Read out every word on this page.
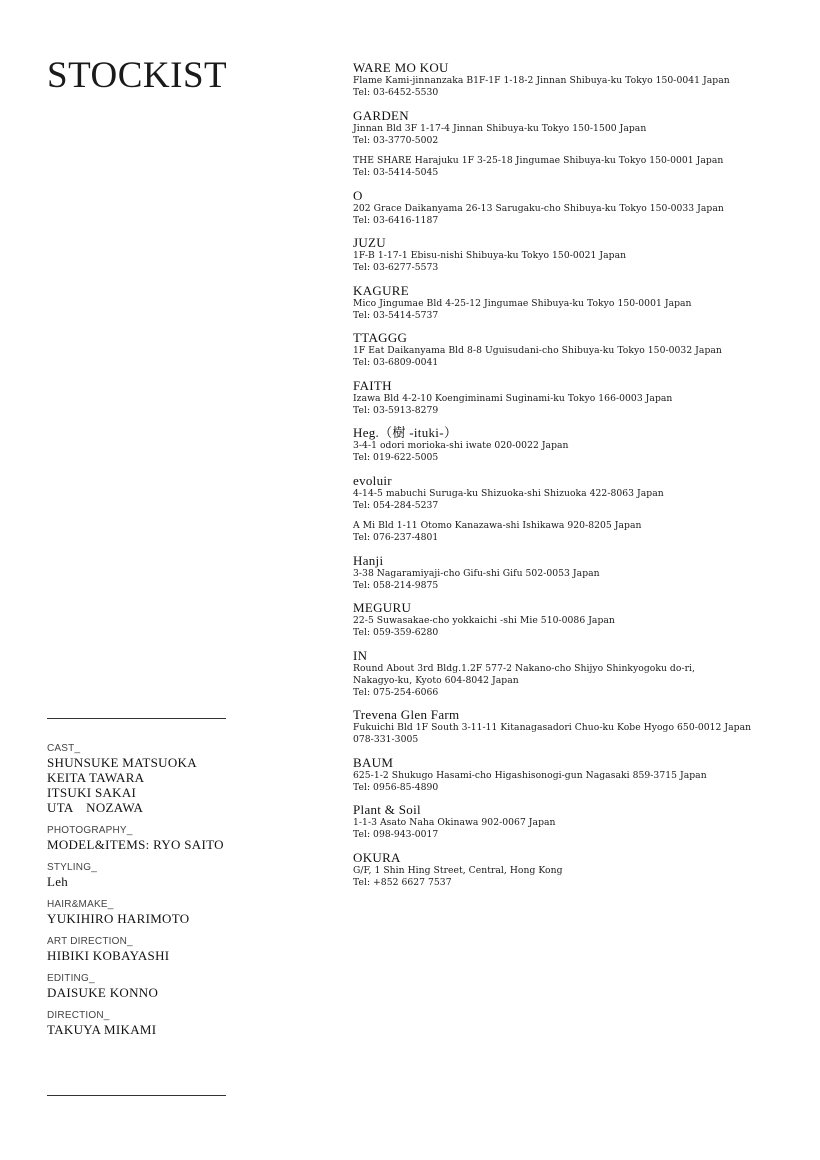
STOCKIST
CAST_
SHUNSUKE MATSUOKA
KEITA TAWARA
ITSUKI SAKAI
UTA　NOZAWA
PHOTOGRAPHY_
MODEL&ITEMS: RYO SAITO
STYLING_
Leh
HAIR&MAKE_
YUKIHIRO HARIMOTO
ART DIRECTION_
HIBIKI KOBAYASHI
EDITING_
DAISUKE KONNO
DIRECTION_
TAKUYA MIKAMI
WARE MO KOU
Flame Kami-jinnanzaka B1F-1F 1-18-2 Jinnan Shibuya-ku Tokyo 150-0041 Japan
Tel: 03-6452-5530
GARDEN
Jinnan Bld 3F 1-17-4 Jinnan Shibuya-ku Tokyo 150-1500 Japan
Tel: 03-3770-5002
THE SHARE Harajuku 1F 3-25-18 Jingumae Shibuya-ku Tokyo 150-0001 Japan
Tel: 03-5414-5045
O
202 Grace Daikanyama 26-13 Sarugaku-cho Shibuya-ku Tokyo 150-0033 Japan
Tel: 03-6416-1187
JUZU
1F-B 1-17-1 Ebisu-nishi Shibuya-ku Tokyo 150-0021 Japan
Tel: 03-6277-5573
KAGURE
Mico Jingumae Bld 4-25-12 Jingumae Shibuya-ku Tokyo 150-0001 Japan
Tel: 03-5414-5737
TTAGGG
1F Eat Daikanyama Bld 8-8 Uguisudani-cho Shibuya-ku Tokyo 150-0032 Japan
Tel: 03-6809-0041
FAITH
Izawa Bld 4-2-10 Koengiminami Suginami-ku Tokyo 166-0003 Japan
Tel: 03-5913-8279
Heg.（樹 -ituki-）
3-4-1 odori morioka-shi iwate 020-0022 Japan
Tel: 019-622-5005
evoluir
4-14-5 mabuchi Suruga-ku Shizuoka-shi Shizuoka 422-8063 Japan
Tel: 054-284-5237
A Mi Bld 1-11 Otomo Kanazawa-shi Ishikawa 920-8205 Japan
Tel: 076-237-4801
Hanji
3-38 Nagaramiyaji-cho Gifu-shi Gifu 502-0053 Japan
Tel: 058-214-9875
MEGURU
22-5 Suwasakae-cho yokkaichi -shi Mie 510-0086 Japan
Tel: 059-359-6280
IN
Round About 3rd Bldg.1.2F 577-2 Nakano-cho Shijyo Shinkyogoku do-ri,
Nakagyo-ku, Kyoto 604-8042 Japan
Tel: 075-254-6066
Trevena Glen Farm
Fukuichi Bld 1F South 3-11-11 Kitanagasadori Chuo-ku Kobe Hyogo 650-0012 Japan
078-331-3005
BAUM
625-1-2 Shukugo Hasami-cho Higashisonogi-gun Nagasaki 859-3715 Japan
Tel: 0956-85-4890
Plant & Soil
1-1-3 Asato Naha Okinawa 902-0067 Japan
Tel: 098-943-0017
OKURA
G/F, 1 Shin Hing Street, Central, Hong Kong
Tel: +852 6627 7537
